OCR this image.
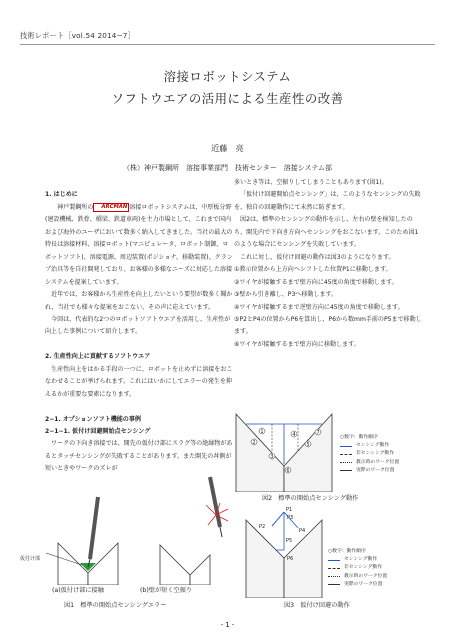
技術レポート［vol.54 2014−7］
溶接ロボットシステム
ソフトウエアの活用による生産性の改善
近藤　亮
（株）神戸製鋼所　溶接事業部門　技術センター　溶接システム部
1. はじめに
　神戸製鋼所の ARCMAN 溶接ロボットシステムは、中厚板分野(建設機械、鉄骨、橋梁、鉄道車両)を主力市場として、これまで国内および海外のユーザにおいて数多く納入してきました。当社の最大の特長は溶接材料、溶接ロボット(マニピュレータ、ロボット制御、ロボットソフト)、溶接電源、周辺装置(ポジショナ、移動装置)、クランプ治具等を自社開発しており、お客様の多様なニーズに対応した溶接システムを提案しています。
近年では、お客様から生産性を向上したいという要望が数多く聞かれ、当社でも様々な提案をおこない、その声に応えています。
今回は、代表的な2つのロボットソフトウエアを活用し、生産性が向上した事例について紹介します。
2. 生産性向上に貢献するソフトウエア
生産性向上をはかる手段の一つに、ロボットを止めずに溶接をおこなわせることが挙げられます。これにはいかにしてエラーの発生を抑えるかが重要な要素になります。
2−1. オプションソフト機能の事例
2−1−1. 仮付け回避開始点センシング
ワークの下向き溶接では、開先の仮付け部にスラグ等の絶縁物があるとタッチセンシングが失敗することがあります。また開先の丼側が短いときやワークのズレが
多いとき等は、空振りしてしまうこともあります(図1)。
「仮付け回避開始点センシング」は、このようなセンシングの失敗を、独自の回避動作にて未然に防ぎます。
図2は、標準のセンシングの動作を示し、左右の壁を検知したのち、開先内で下向き方向へセンシングをおこないます。このため図1のような場合にセンシングを失敗しています。
これに対し、仮付け回避の動作は図3のようになります。
①教示位置から上方向へシフトした位置P1に移動します。
②ワイヤが接触するまで壁方向に45度の角度で移動します。
③壁から引き離し、P3へ移動します。
④ワイヤが接触するまで逆壁方向に45度の角度で移動します。
⑤P2とP4の位置からP6を算出し、P6から数mm手前のP5まで移動します。
⑥ワイヤが接触するまで壁方向に移動します。
仮付け部
(a)仮付け部に接触	(b)壁が短く空振り
図1　標準の開始点センシングエラー
1
2
3
4
5
6
7
○数字：動作順序
センシング動作
非センシング動作
教示時のワーク位置
実際のワーク位置
図2　標準の開始点センシング動作
P1
P2
P3
P4
P5
P6
○数字：動作順序
センシング動作
非センシング動作
教示時のワーク位置
実際のワーク位置
図3　仮付け回避の動作
- 1 -
